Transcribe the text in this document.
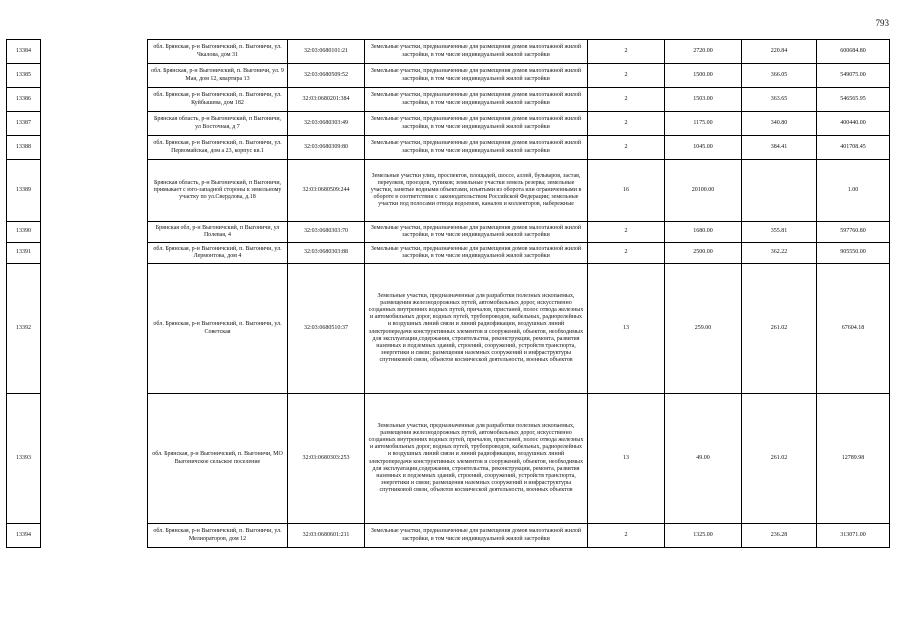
793
13384		обл. Брянская, р-н Выгоничский, п. Выгоничи, ул. Чкалова, дом 31	32:03:0680101:21	Земельные участки, предназначенные для размещения домов малоэтажной жилой застройки, в том числе индивидуальной жилой застройки	2	2720.00	220.84	600684.80
13385		обл. Брянская, р-н Выгоничский, п. Выгоничи, ул. 9 Мая, дом 12, квартира 13	32:03:0680509:52	Земельные участки, предназначенные для размещения домов малоэтажной жилой застройки, в том числе индивидуальной жилой застройки	2	1500.00	366.05	549075.00
13386		обл. Брянская, р-н Выгоничский, п. Выгоничи, ул. Куйбышева, дом 182	32:03:0680201:384	Земельные участки, предназначенные для размещения домов малоэтажной жилой застройки, в том числе индивидуальной жилой застройки	2	1503.00	363.65	546565.95
13387		Брянская область, р-н Выгоничский, п Выгоничи, ул Восточная, д 7	32:03:0680303:49	Земельные участки, предназначенные для размещения домов малоэтажной жилой застройки, в том числе индивидуальной жилой застройки	2	1175.00	340.80	400440.00
13388		обл. Брянская, р-н Выгоничский, п. Выгоничи, ул. Первомайская, дом а 23, корпус кв.1	32:03:0680309:80	Земельные участки, предназначенные для размещения домов малоэтажной жилой застройки, в том числе индивидуальной жилой застройки	2	1045.00	384.41	401708.45
13389		Брянская область, р-н Выгоничский, п Выгоничи, примыкает с юго-западной стороны к земельному участку по ул.Свердлова, д.18	32:03:0680509:244	Земельные участки улиц, проспектов, площадей, шоссе, аллей, бульваров, застав, переулков, проездов, тупиков; земельные участки земель резерва; земельные участки, занятые водными объектами, изъятыми из оборота или ограниченными в обороте в соответствии с законодательством Российской Федерации; земельные участки под полосами отвода водоемов, каналов и коллекторов, набережные	16	20100.00		1.00
13390		Брянская обл, р-н Выгоничский, п Выгоничи, ул Полевая, 4	32:03:0680303:70	Земельные участки, предназначенные для размещения домов малоэтажной жилой застройки, в том числе индивидуальной жилой застройки	2	1680.00	355.81	597760.80
13391		обл. Брянская, р-н Выгоничский, п. Выгоничи, ул. Лермонтова, дом 4	32:03:0680303:88	Земельные участки, предназначенные для размещения домов малоэтажной жилой застройки, в том числе индивидуальной жилой застройки	2	2500.00	362.22	905550.00
13392		обл. Брянская, р-н Выгоничский, п. Выгоничи, ул. Советская	32:03:0680510:37	Земельные участки, предназначенные для разработки полезных ископаемых, размещения железнодорожных путей, автомобильных дорог, искусственно созданных внутренних водных путей, причалов, пристаней, полос отвода железных и автомобильных дорог, водных путей, трубопроводов, кабельных, радиорелейных и воздушных линий связи и линий радиофикации, воздушных линий электропередачи конструктивных элементов и сооружений, объектов, необходимых для эксплуатации,содержания, строительства, реконструкции, ремонта, развития наземных и подземных зданий, строений, сооружений, устройств транспорта, энергетики и связи; размещения наземных сооружений и инфраструктуры спутниковой связи, объектов космической деятельности, военных объектов	13	259.00	261.02	67604.18
13393		обл. Брянская, р-н Выгоничский, п. Выгоничи, МО Выгоничское сельское поселение	32:03:0680303:253	Земельные участки, предназначенные для разработки полезных ископаемых, размещения железнодорожных путей, автомобильных дорог, искусственно созданных внутренних водных путей, причалов, пристаней, полос отвода железных и автомобильных дорог, водных путей, трубопроводов, кабельных, радиорелейных и воздушных линий связи и линий радиофикации, воздушных линий электропередачи конструктивных элементов и сооружений, объектов, необходимых для эксплуатации,содержания, строительства, реконструкции, ремонта, развития наземных и подземных зданий, строений, сооружений, устройств транспорта, энергетики и связи; размещения наземных сооружений и инфраструктуры спутниковой связи, объектов космической деятельности, военных объектов	13	49.00	261.02	12789.98
13394		обл. Брянская, р-н Выгоничский, п. Выгоничи, ул. Мелиораторов, дом 12	32:03:0680601:211	Земельные участки, предназначенные для размещения домов малоэтажной жилой застройки, в том числе индивидуальной жилой застройки	2	1325.00	236.28	313071.00
